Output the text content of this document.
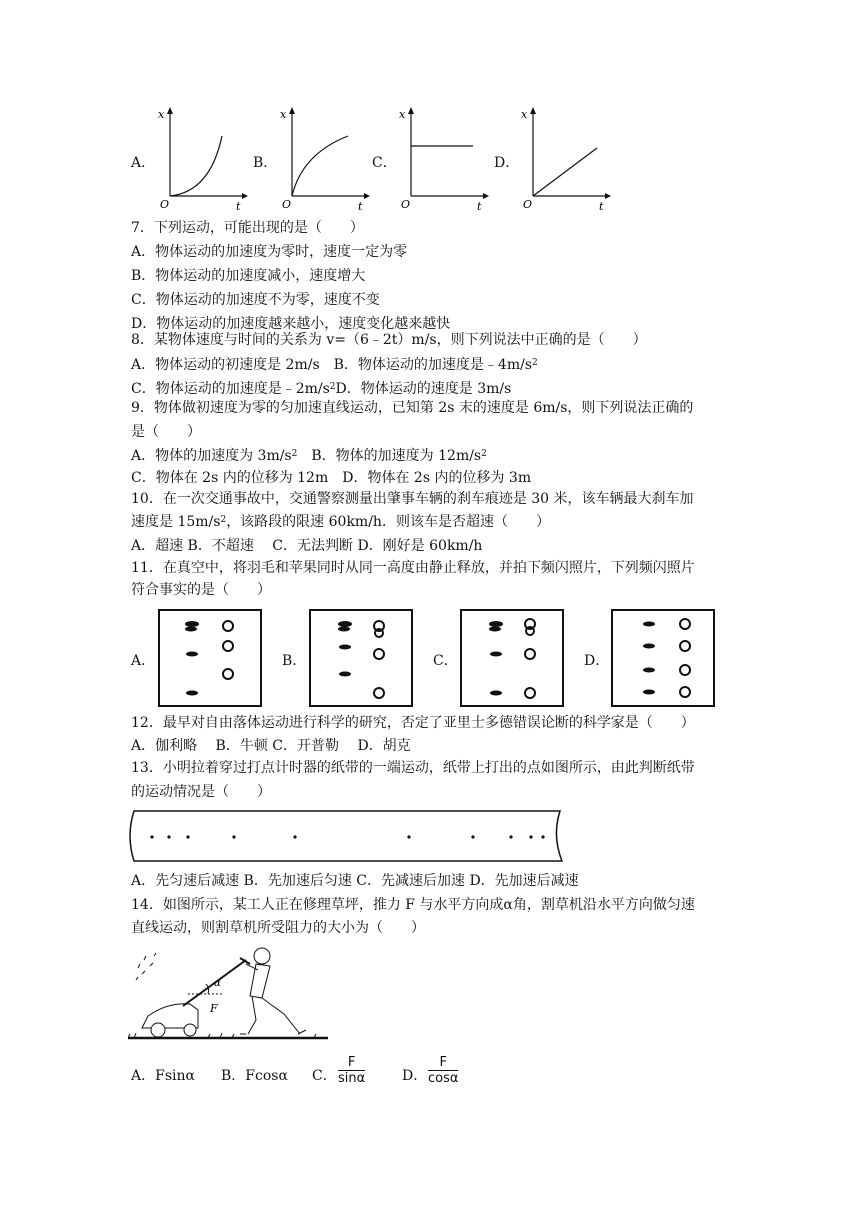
A．
x
O	t
B．
x
O	t
C．
x
O	t
D．
x
O	t
7．下列运动，可能出现的是（　　）
A．物体运动的加速度为零时，速度一定为零
B．物体运动的加速度减小，速度增大
C．物体运动的加速度不为零，速度不变
D．物体运动的加速度越来越小，速度变化越来越快
8．某物体速度与时间的关系为 v=（6﹣2t）m/s，则下列说法中正确的是（　　）
A．物体运动的初速度是 2m/s　B．物体运动的加速度是$﹣4m/s^2$
C．物体运动的加速度是$﹣2m/s^2D$．物体运动的速度是 3m/s
9．物体做初速度为零的匀加速直线运动，已知第 2s 末的速度是 6m/s，则下列说法正确的
是（　　）
A．物体的加速度为 $3m/s^2$　B．物体的加速度为 $12m/s^2$
C．物体在 2s 内的位移为 12m　D．物体在 2s 内的位移为 3m
10．在一次交通事故中，交通警察测量出肇事车辆的刹车痕迹是 30 米，该车辆最大刹车加
速度是 $15m/s^2$，该路段的限速 60km/h．则该车是否超速（　　）
A．超速 B．不超速　 C．无法判断 D．刚好是 60km/h
11．在真空中，将羽毛和苹果同时从同一高度由静止释放，并拍下频闪照片，下列频闪照片
符合事实的是（　　）
A．	B．	C．	D．
12．最早对自由落体运动进行科学的研究，否定了亚里士多德错误论断的科学家是（　　）
A．伽利略　 B．牛顿 C．开普勒　 D．胡克
13．小明拉着穿过打点计时器的纸带的一端运动，纸带上打出的点如图所示，由此判断纸带
的运动情况是（　　）
A．先匀速后减速 B．先加速后匀速 C．先减速后加速 D．先加速后减速
14．如图所示，某工人正在修理草坪，推力 F 与水平方向成α角，割草机沿水平方向做匀速
直线运动，则割草机所受阻力的大小为（　　）
α
F
A．Fsinα B．Fcosα C． $\frac{F}{\sin\alpha}$	D． $\frac{F}{\cos\alpha}$
